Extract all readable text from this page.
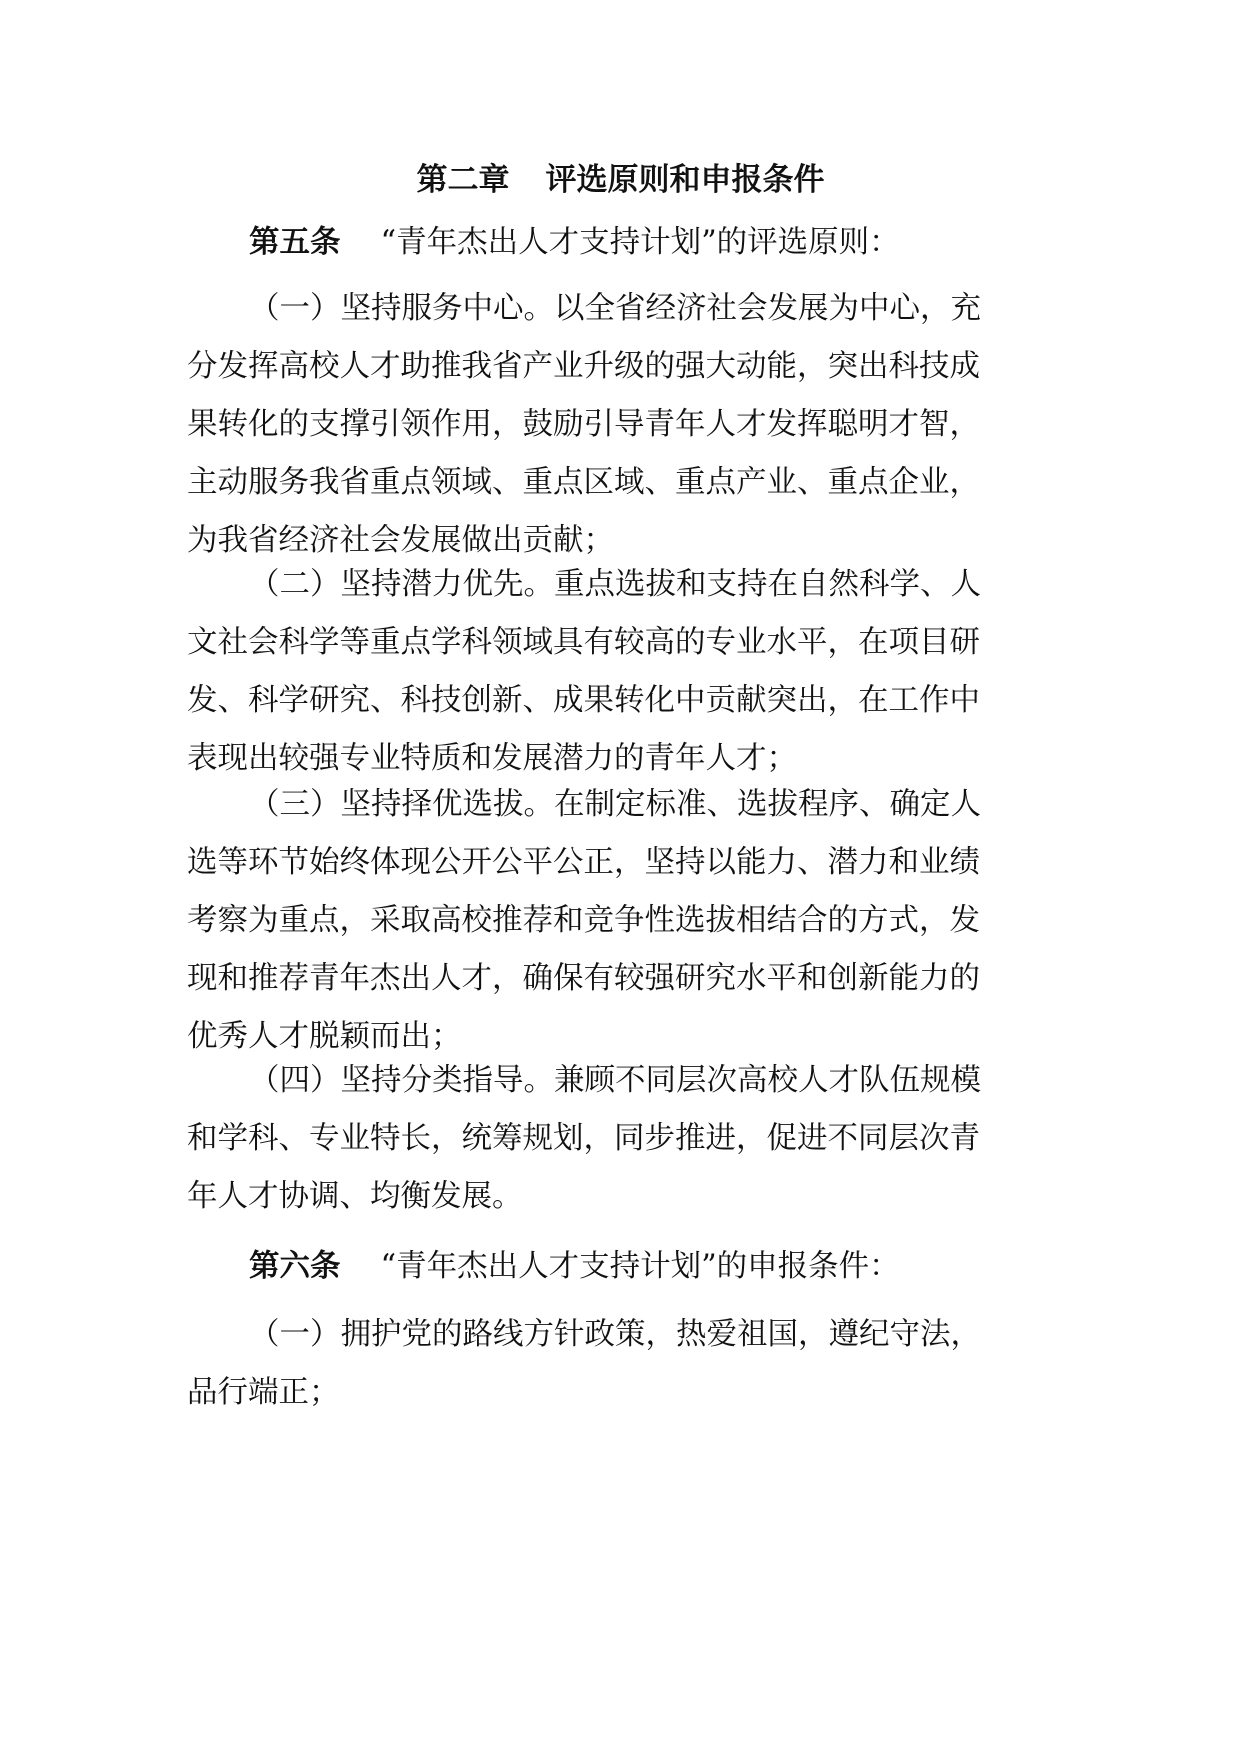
第二章 评选原则和申报条件

第五条 “青年杰出人才支持计划”的评选原则：

（一）坚持服务中心。以全省经济社会发展为中心，充
分发挥高校人才助推我省产业升级的强大动能，突出科技成
果转化的支撑引领作用，鼓励引导青年人才发挥聪明才智，
主动服务我省重点领域、重点区域、重点产业、重点企业，
为我省经济社会发展做出贡献；

（二）坚持潜力优先。重点选拔和支持在自然科学、人
文社会科学等重点学科领域具有较高的专业水平，在项目研
发、科学研究、科技创新、成果转化中贡献突出，在工作中
表现出较强专业特质和发展潜力的青年人才；

（三）坚持择优选拔。在制定标准、选拔程序、确定人
选等环节始终体现公开公平公正，坚持以能力、潜力和业绩
考察为重点，采取高校推荐和竞争性选拔相结合的方式，发
现和推荐青年杰出人才，确保有较强研究水平和创新能力的
优秀人才脱颖而出；

（四）坚持分类指导。兼顾不同层次高校人才队伍规模
和学科、专业特长，统筹规划，同步推进，促进不同层次青
年人才协调、均衡发展。

第六条 “青年杰出人才支持计划”的申报条件：

（一）拥护党的路线方针政策，热爱祖国，遵纪守法，
品行端正；
